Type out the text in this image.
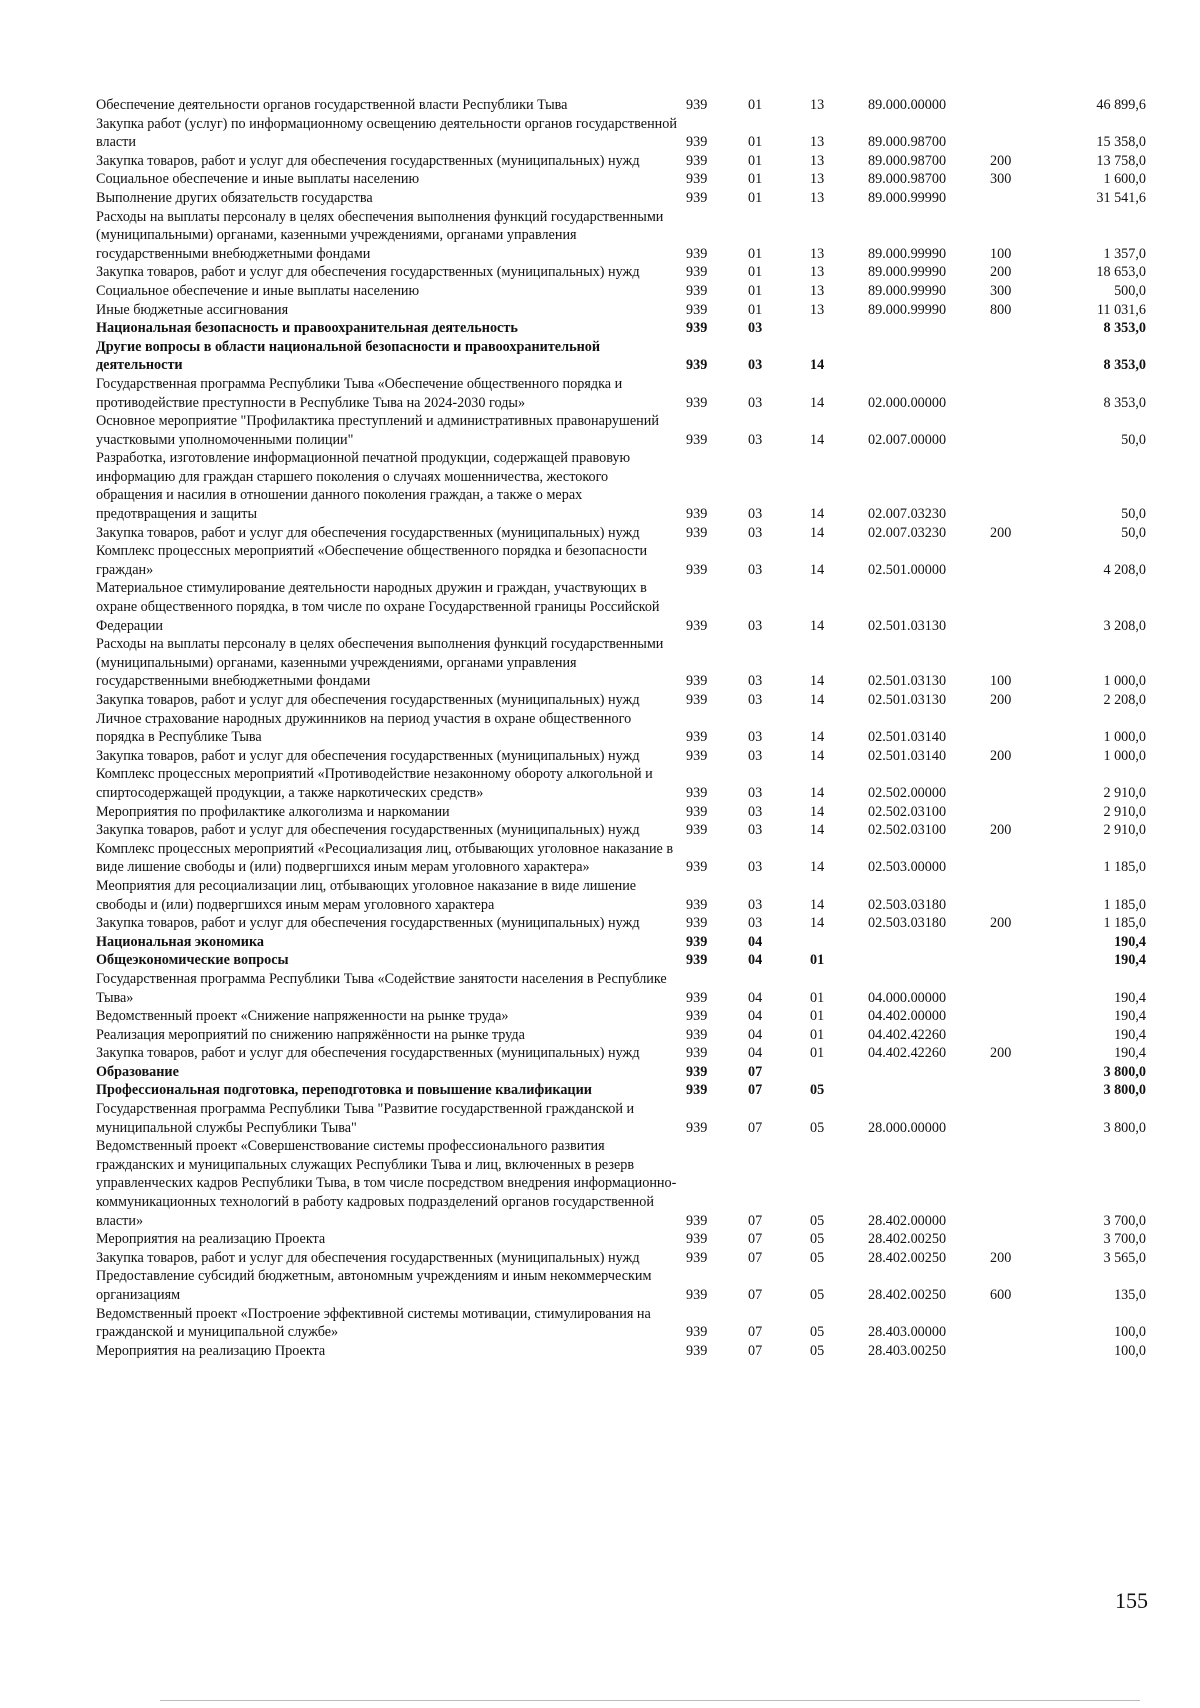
Обеспечение деятельности органов государственной власти Республики Тыва	939	01	13	89.000.00000		46 899,6
Закупка работ (услуг) по информационному освещению деятельности органов государственной власти	939	01	13	89.000.98700		15 358,0
Закупка товаров, работ и услуг для обеспечения государственных (муниципальных) нужд	939	01	13	89.000.98700	200	13 758,0
Социальное обеспечение и иные выплаты населению	939	01	13	89.000.98700	300	1 600,0
Выполнение других обязательств государства	939	01	13	89.000.99990		31 541,6
Расходы на выплаты персоналу в целях обеспечения выполнения функций государственными (муниципальными) органами, казенными учреждениями, органами управления государственными внебюджетными фондами	939	01	13	89.000.99990	100	1 357,0
Закупка товаров, работ и услуг для обеспечения государственных (муниципальных) нужд	939	01	13	89.000.99990	200	18 653,0
Социальное обеспечение и иные выплаты населению	939	01	13	89.000.99990	300	500,0
Иные бюджетные ассигнования	939	01	13	89.000.99990	800	11 031,6
Национальная безопасность и правоохранительная деятельность	939	03				8 353,0
Другие вопросы в области национальной безопасности и правоохранительной деятельности	939	03	14			8 353,0
Государственная программа Республики Тыва «Обеспечение общественного порядка и противодействие преступности в Республике Тыва на 2024-2030 годы»	939	03	14	02.000.00000		8 353,0
Основное мероприятие "Профилактика преступлений и административных правонарушений участковыми уполномоченными полиции"	939	03	14	02.007.00000		50,0
Разработка, изготовление информационной печатной продукции, содержащей правовую информацию для граждан старшего поколения о случаях мошенничества, жестокого обращения и насилия в отношении данного поколения граждан, а также о мерах предотвращения и защиты	939	03	14	02.007.03230		50,0
Закупка товаров, работ и услуг для обеспечения государственных (муниципальных) нужд	939	03	14	02.007.03230	200	50,0
Комплекс процессных мероприятий «Обеспечение общественного порядка и безопасности граждан»	939	03	14	02.501.00000		4 208,0
Материальное стимулирование деятельности народных дружин и граждан, участвующих в охране общественного порядка, в том числе по охране Государственной границы Российской Федерации	939	03	14	02.501.03130		3 208,0
Расходы на выплаты персоналу в целях обеспечения выполнения функций государственными (муниципальными) органами, казенными учреждениями, органами управления государственными внебюджетными фондами	939	03	14	02.501.03130	100	1 000,0
Закупка товаров, работ и услуг для обеспечения государственных (муниципальных) нужд	939	03	14	02.501.03130	200	2 208,0
Личное страхование народных дружинников на период участия в охране общественного порядка в Республике Тыва	939	03	14	02.501.03140		1 000,0
Закупка товаров, работ и услуг для обеспечения государственных (муниципальных) нужд	939	03	14	02.501.03140	200	1 000,0
Комплекс процессных мероприятий «Противодействие незаконному обороту алкогольной и спиртосодержащей продукции, а также наркотических средств»	939	03	14	02.502.00000		2 910,0
Мероприятия по профилактике алкоголизма и наркомании	939	03	14	02.502.03100		2 910,0
Закупка товаров, работ и услуг для обеспечения государственных (муниципальных) нужд	939	03	14	02.502.03100	200	2 910,0
Комплекс процессных мероприятий «Ресоциализация лиц, отбывающих уголовное наказание в виде лишение свободы и (или) подвергшихся иным мерам уголовного характера»	939	03	14	02.503.00000		1 185,0
Меоприятия для ресоциализации лиц, отбывающих уголовное наказание в виде лишение свободы и (или) подвергшихся иным мерам уголовного характера	939	03	14	02.503.03180		1 185,0
Закупка товаров, работ и услуг для обеспечения государственных (муниципальных) нужд	939	03	14	02.503.03180	200	1 185,0
Национальная экономика	939	04				190,4
Общеэкономические вопросы	939	04	01			190,4
Государственная программа Республики Тыва «Содействие занятости населения в Республике Тыва»	939	04	01	04.000.00000		190,4
Ведомственный проект «Снижение напряженности на рынке труда»	939	04	01	04.402.00000		190,4
Реализация мероприятий по снижению напряжённости на рынке труда	939	04	01	04.402.42260		190,4
Закупка товаров, работ и услуг для обеспечения государственных (муниципальных) нужд	939	04	01	04.402.42260	200	190,4
Образование	939	07				3 800,0
Профессиональная подготовка, переподготовка и повышение квалификации	939	07	05			3 800,0
Государственная программа Республики Тыва "Развитие государственной гражданской и муниципальной службы Республики Тыва"	939	07	05	28.000.00000		3 800,0
Ведомственный проект «Совершенствование системы профессионального развития гражданских и муниципальных служащих Республики Тыва и лиц, включенных в резерв управленческих кадров Республики Тыва, в том числе посредством внедрения информационно-коммуникационных технологий в работу кадровых подразделений органов государственной власти»	939	07	05	28.402.00000		3 700,0
Мероприятия на реализацию Проекта	939	07	05	28.402.00250		3 700,0
Закупка товаров, работ и услуг для обеспечения государственных (муниципальных) нужд	939	07	05	28.402.00250	200	3 565,0
Предоставление субсидий бюджетным, автономным учреждениям и иным некоммерческим организациям	939	07	05	28.402.00250	600	135,0
Ведомственный проект «Построение эффективной системы мотивации, стимулирования на гражданской и муниципальной службе»	939	07	05	28.403.00000		100,0
Мероприятия на реализацию Проекта	939	07	05	28.403.00250		100,0
155
